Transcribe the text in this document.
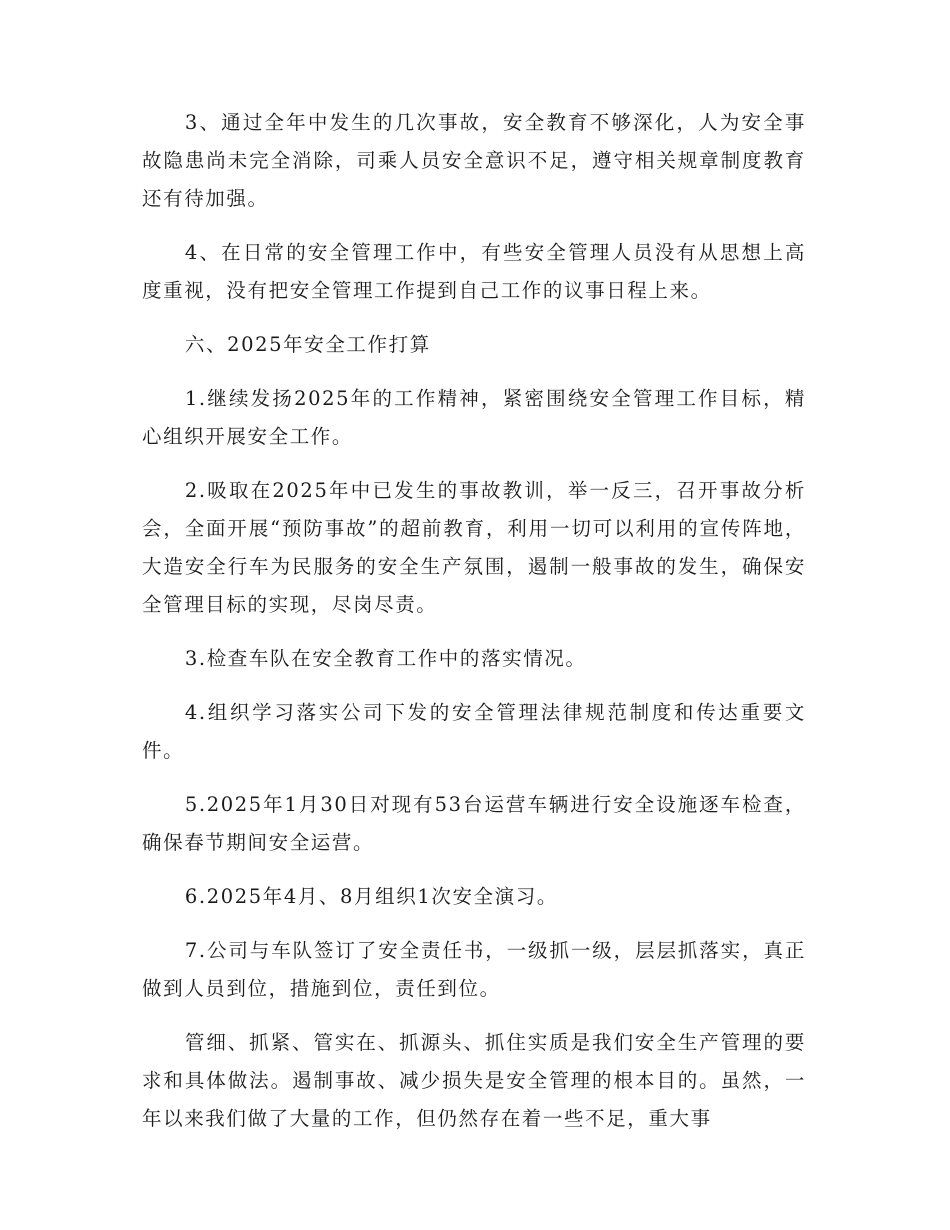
3、通过全年中发生的几次事故，安全教育不够深化，人为安全事故隐患尚未完全消除，司乘人员安全意识不足，遵守相关规章制度教育还有待加强。

4、在日常的安全管理工作中，有些安全管理人员没有从思想上高度重视，没有把安全管理工作提到自己工作的议事日程上来。

六、2025年安全工作打算

1.继续发扬2025年的工作精神，紧密围绕安全管理工作目标，精心组织开展安全工作。

2.吸取在2025年中已发生的事故教训，举一反三，召开事故分析会，全面开展“预防事故”的超前教育，利用一切可以利用的宣传阵地，大造安全行车为民服务的安全生产氛围，遏制一般事故的发生，确保安全管理目标的实现，尽岗尽责。

3.检查车队在安全教育工作中的落实情况。

4.组织学习落实公司下发的安全管理法律规范制度和传达重要文件。

5.2025年1月30日对现有53台运营车辆进行安全设施逐车检查，确保春节期间安全运营。

6.2025年4月、8月组织1次安全演习。

7.公司与车队签订了安全责任书，一级抓一级，层层抓落实，真正做到人员到位，措施到位，责任到位。

管细、抓紧、管实在、抓源头、抓住实质是我们安全生产管理的要求和具体做法。遏制事故、减少损失是安全管理的根本目的。虽然，一年以来我们做了大量的工作，但仍然存在着一些不足，重大事
